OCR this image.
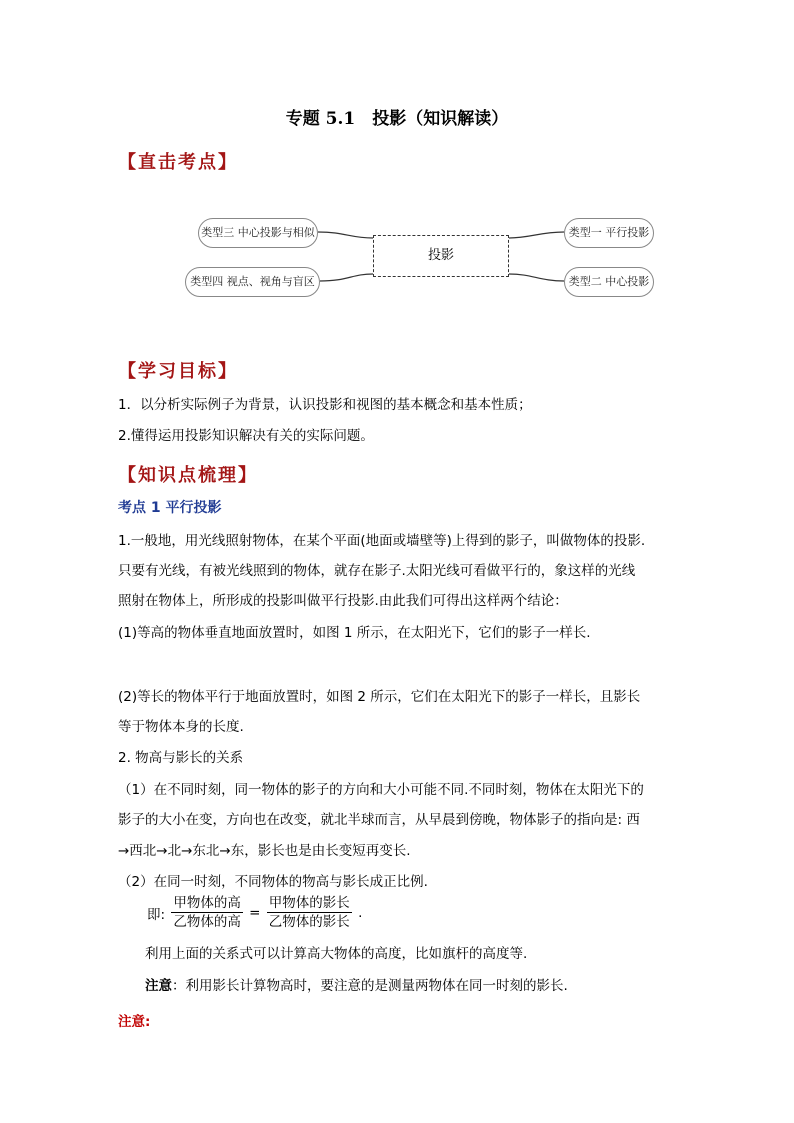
专题 5.1　投影（知识解读）
【直击考点】
类型三 中心投影与相似
类型四 视点、视角与盲区
投影
类型一 平行投影
类型二 中心投影
【学习目标】
1．以分析实际例子为背景，认识投影和视图的基本概念和基本性质；
2.懂得运用投影知识解决有关的实际问题。
【知识点梳理】
考点 1 平行投影
1.一般地，用光线照射物体，在某个平面(地面或墙壁等)上得到的影子，叫做物体的投影.
只要有光线，有被光线照到的物体，就存在影子.太阳光线可看做平行的，象这样的光线
照射在物体上，所形成的投影叫做平行投影.由此我们可得出这样两个结论：
(1)等高的物体垂直地面放置时，如图 1 所示，在太阳光下，它们的影子一样长.
(2)等长的物体平行于地面放置时，如图 2 所示，它们在太阳光下的影子一样长，且影长
等于物体本身的长度.
2. 物高与影长的关系
（1）在不同时刻，同一物体的影子的方向和大小可能不同.不同时刻，物体在太阳光下的
影子的大小在变，方向也在改变，就北半球而言，从早晨到傍晚，物体影子的指向是: 西
→西北→北→东北→东，影长也是由长变短再变长.
（2）在同一时刻，不同物体的物高与影长成正比例.
即: $\frac{\text{甲物体的高}}{\text{乙物体的高}} = \frac{\text{甲物体的影长}}{\text{乙物体的影长}}$ .
利用上面的关系式可以计算高大物体的高度，比如旗杆的高度等.
注意：利用影长计算物高时，要注意的是测量两物体在同一时刻的影长.
注意:
